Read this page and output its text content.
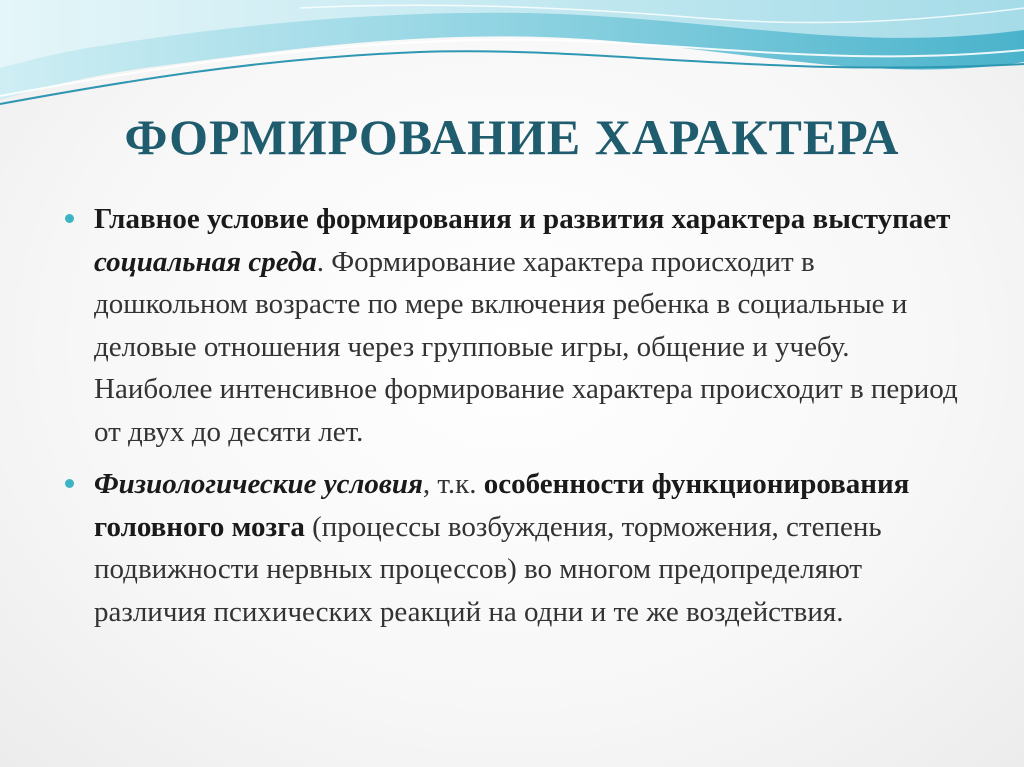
ФОРМИРОВАНИЕ ХАРАКТЕРА

Главное условие формирования и развития характера выступает социальная среда. Формирование характера происходит в дошкольном возрасте по мере включения ребенка в социальные и деловые отношения через групповые игры, общение и учебу. Наиболее интенсивное формирование характера происходит в период от двух до десяти лет.

Физиологические условия, т.к. особенности функционирования головного мозга (процессы возбуждения, торможения, степень подвижности нервных процессов) во многом предопределяют различия психических реакций на одни и те же воздействия.
